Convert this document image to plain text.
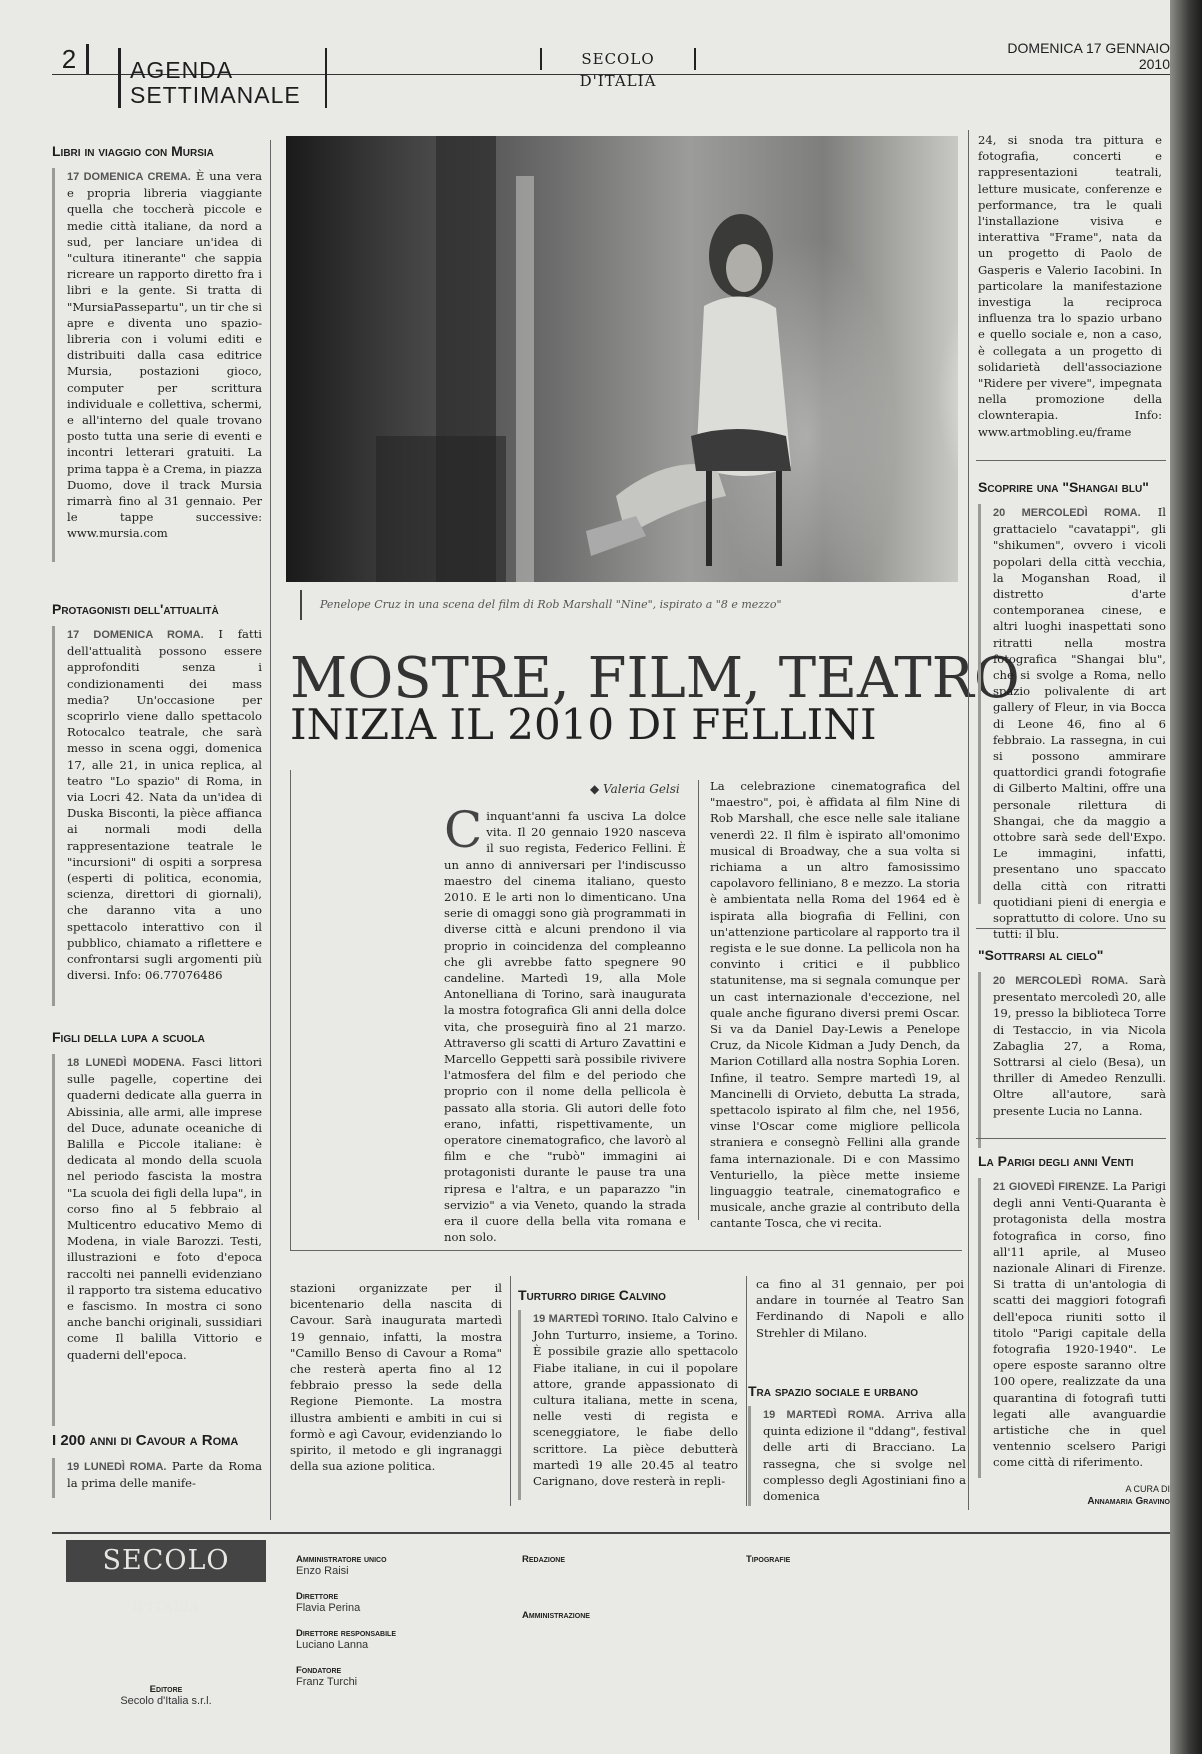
2	AGENDA
SETTIMANALE
SECOLO D'ITALIA
DOMENICA 17 GENNAIO 2010
Libri in viaggio con Mursia
17 DOMENICA CREMA. È una vera e propria libreria viaggiante quella che toccherà piccole e medie città italiane, da nord a sud, per lanciare un'idea di "cultura itinerante" che sappia ricreare un rapporto diretto fra i libri e la gente. Si tratta di "MursiaPassepartu", un tir che si apre e diventa uno spazio-libreria con i volumi editi e distribuiti dalla casa editrice Mursia, postazioni gioco, computer per scrittura individuale e collettiva, schermi, e all'interno del quale trovano posto tutta una serie di eventi e incontri letterari gratuiti. La prima tappa è a Crema, in piazza Duomo, dove il track Mursia rimarrà fino al 31 gennaio. Per le tappe successive: www.mursia.com
Protagonisti dell'attualità
17 DOMENICA ROMA. I fatti dell'attualità possono essere approfonditi senza i condizionamenti dei mass media? Un'occasione per scoprirlo viene dallo spettacolo Rotocalco teatrale, che sarà messo in scena oggi, domenica 17, alle 21, in unica replica, al teatro "Lo spazio" di Roma, in via Locri 42. Nata da un'idea di Duska Bisconti, la pièce affianca ai normali modi della rappresentazione teatrale le "incursioni" di ospiti a sorpresa (esperti di politica, economia, scienza, direttori di giornali), che daranno vita a uno spettacolo interattivo con il pubblico, chiamato a riflettere e confrontarsi sugli argomenti più diversi. Info: 06.77076486
Figli della lupa a scuola
18 LUNEDÌ MODENA. Fasci littori sulle pagelle, copertine dei quaderni dedicate alla guerra in Abissinia, alle armi, alle imprese del Duce, adunate oceaniche di Balilla e Piccole italiane: è dedicata al mondo della scuola nel periodo fascista la mostra "La scuola dei figli della lupa", in corso fino al 5 febbraio al Multicentro educativo Memo di Modena, in viale Barozzi. Testi, illustrazioni e foto d'epoca raccolti nei pannelli evidenziano il rapporto tra sistema educativo e fascismo. In mostra ci sono anche banchi originali, sussidiari come Il balilla Vittorio e quaderni dell'epoca.
I 200 anni di Cavour a Roma
19 LUNEDÌ ROMA. Parte da Roma la prima delle manife-
Penelope Cruz in una scena del film di Rob Marshall "Nine", ispirato a "8 e mezzo"
MOSTRE, FILM, TEATRO
INIZIA IL 2010 DI FELLINI
◆ Valeria Gelsi
Cinquant'anni fa usciva La dolce vita. Il 20 gennaio 1920 nasceva il suo regista, Federico Fellini. È un anno di anniversari per l'indiscusso maestro del cinema italiano, questo 2010. E le arti non lo dimenticano. Una serie di omaggi sono già programmati in diverse città e alcuni prendono il via proprio in coincidenza del compleanno che gli avrebbe fatto spegnere 90 candeline. Martedì 19, alla Mole Antonelliana di Torino, sarà inaugurata la mostra fotografica Gli anni della dolce vita, che proseguirà fino al 21 marzo. Attraverso gli scatti di Arturo Zavattini e Marcello Geppetti sarà possibile rivivere l'atmosfera del film e del periodo che proprio con il nome della pellicola è passato alla storia. Gli autori delle foto erano, infatti, rispettivamente, un operatore cinematografico, che lavorò al film e che "rubò" immagini ai protagonisti durante le pause tra una ripresa e l'altra, e un paparazzo "in servizio" a via Veneto, quando la strada era il cuore della bella vita romana e non solo.
La celebrazione cinematografica del "maestro", poi, è affidata al film Nine di Rob Marshall, che esce nelle sale italiane venerdì 22. Il film è ispirato all'omonimo musical di Broadway, che a sua volta si richiama a un altro famosissimo capolavoro felliniano, 8 e mezzo. La storia è ambientata nella Roma del 1964 ed è ispirata alla biografia di Fellini, con un'attenzione particolare al rapporto tra il regista e le sue donne. La pellicola non ha convinto i critici e il pubblico statunitense, ma si segnala comunque per un cast internazionale d'eccezione, nel quale anche figurano diversi premi Oscar. Si va da Daniel Day-Lewis a Penelope Cruz, da Nicole Kidman a Judy Dench, da Marion Cotillard alla nostra Sophia Loren. Infine, il teatro. Sempre martedì 19, al Mancinelli di Orvieto, debutta La strada, spettacolo ispirato al film che, nel 1956, vinse l'Oscar come migliore pellicola straniera e consegnò Fellini alla grande fama internazionale. Di e con Massimo Venturiello, la pièce mette insieme linguaggio teatrale, cinematografico e musicale, anche grazie al contributo della cantante Tosca, che vi recita.
stazioni organizzate per il bicentenario della nascita di Cavour. Sarà inaugurata martedì 19 gennaio, infatti, la mostra "Camillo Benso di Cavour a Roma" che resterà aperta fino al 12 febbraio presso la sede della Regione Piemonte. La mostra illustra ambienti e ambiti in cui si formò e agì Cavour, evidenziando lo spirito, il metodo e gli ingranaggi della sua azione politica.
Turturro dirige Calvino
19 MARTEDÌ TORINO. Italo Calvino e John Turturro, insieme, a Torino. È possibile grazie allo spettacolo Fiabe italiane, in cui il popolare attore, grande appassionato di cultura italiana, mette in scena, nelle vesti di regista e sceneggiatore, le fiabe dello scrittore. La pièce debutterà martedì 19 alle 20.45 al teatro Carignano, dove resterà in repli-
ca fino al 31 gennaio, per poi andare in tournée al Teatro San Ferdinando di Napoli e allo Strehler di Milano.
Tra spazio sociale e urbano
19 MARTEDÌ ROMA. Arriva alla quinta edizione il "ddang", festival delle arti di Bracciano. La rassegna, che si svolge nel complesso degli Agostiniani fino a domenica
24, si snoda tra pittura e fotografia, concerti e rappresentazioni teatrali, letture musicate, conferenze e performance, tra le quali l'installazione visiva e interattiva "Frame", nata da un progetto di Paolo de Gasperis e Valerio Iacobini. In particolare la manifestazione investiga la reciproca influenza tra lo spazio urbano e quello sociale e, non a caso, è collegata a un progetto di solidarietà dell'associazione "Ridere per vivere", impegnata nella promozione della clownterapia. Info: www.artmobling.eu/frame
Scoprire una "Shangai blu"
20 MERCOLEDÌ ROMA. Il grattacielo "cavatappi", gli "shikumen", ovvero i vicoli popolari della città vecchia, la Moganshan Road, il distretto d'arte contemporanea cinese, e altri luoghi inaspettati sono ritratti nella mostra fotografica "Shangai blu", che si svolge a Roma, nello spazio polivalente di art gallery of Fleur, in via Bocca di Leone 46, fino al 6 febbraio. La rassegna, in cui si possono ammirare quattordici grandi fotografie di Gilberto Maltini, offre una personale rilettura di Shangai, che da maggio a ottobre sarà sede dell'Expo. Le immagini, infatti, presentano uno spaccato della città con ritratti quotidiani pieni di energia e soprattutto di colore. Uno su tutti: il blu.
"Sottrarsi al cielo"
20 MERCOLEDÌ ROMA. Sarà presentato mercoledì 20, alle 19, presso la biblioteca Torre di Testaccio, in via Nicola Zabaglia 27, a Roma, Sottrarsi al cielo (Besa), un thriller di Amedeo Renzulli. Oltre all'autore, sarà presente Lucia no Lanna.
La Parigi degli anni Venti
21 GIOVEDÌ FIRENZE. La Parigi degli anni Venti-Quaranta è protagonista della mostra fotografica in corso, fino all'11 aprile, al Museo nazionale Alinari di Firenze. Si tratta di un'antologia di scatti dei maggiori fotografi dell'epoca riuniti sotto il titolo "Parigi capitale della fotografia 1920-1940". Le opere esposte saranno oltre 100 opere, realizzate da una quarantina di fotografi tutti legati alle avanguardie artistiche che in quel ventennio scelsero Parigi come città di riferimento.
A CURA DI
Annamaria Gravino
SECOLO D'ITALIA
Editore
Secolo d'Italia s.r.l.
Amministratore unico
Enzo Raisi
Direttore
Flavia Perina
Direttore responsabile
Luciano Lanna
Fondatore
Franz Turchi
Redazione	Tipografie
Amministrazione
